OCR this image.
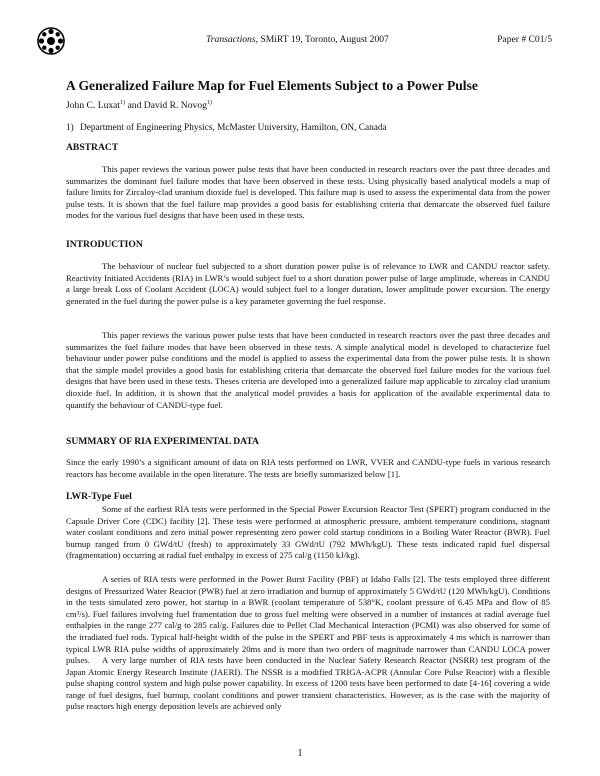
Transactions, SMiRT 19, Toronto, August 2007	Paper # C01/5
A Generalized Failure Map for Fuel Elements Subject to a Power Pulse
John C. Luxat$^{1)}$ and David R. Novog$^{1)}$
1) Department of Engineering Physics, McMaster University, Hamilton, ON, Canada
ABSTRACT

This paper reviews the various power pulse tests that have been conducted in research reactors over the past three decades and summarizes the dominant fuel failure modes that have been observed in these tests. Using physically based analytical models a map of failure limits for Zircaloy-clad uranium dioxide fuel is developed. This failure map is used to assess the experimental data from the power pulse tests. It is shown that the fuel failure map provides a good basis for establishing criteria that demarcate the observed fuel failure modes for the various fuel designs that have been used in these tests.

INTRODUCTION

The behaviour of nuclear fuel subjected to a short duration power pulse is of relevance to LWR and CANDU reactor safety. Reactivity Initiated Accidents (RIA) in LWR’s would subject fuel to a short duration power pulse of large amplitude, whereas in CANDU a large break Loss of Coolant Accident (LOCA) would subject fuel to a longer duration, lower amplitude power excursion. The energy generated in the fuel during the power pulse is a key parameter governing the fuel response.

This paper reviews the various power pulse tests that have been conducted in research reactors over the past three decades and summarizes the fuel failure modes that have been observed in these tests. A simple analytical model is developed to characterize fuel behaviour under power pulse conditions and the model is applied to assess the experimental data from the power pulse tests. It is shown that the simple model provides a good basis for establishing criteria that demarcate the observed fuel failure modes for the various fuel designs that have been used in these tests. Theses criteria are developed into a generalized failure map applicable to zircaloy clad uranium dioxide fuel. In addition, it is shown that the analytical model provides a basis for application of the available experimental data to quantify the behaviour of CANDU-type fuel.

SUMMARY OF RIA EXPERIMENTAL DATA

Since the early 1990’s a significant amount of data on RIA tests performed on LWR, VVER and CANDU-type fuels in various research reactors has become available in the open literature. The tests are briefly summarized below [1].

LWR-Type Fuel

Some of the earliest RIA tests were performed in the Special Power Excursion Reactor Test (SPERT) program conducted in the Capsule Driver Core (CDC) facility [2]. These tests were performed at atmospheric pressure, ambient temperature conditions, stagnant water coolant conditions and zero initial power representing zero power cold startup conditions in a Boiling Water Reactor (BWR). Fuel burnup ranged from 0 GWd/tU (fresh) to approximately 33 GWd/tU (792 MWh/kgU). These tests indicated rapid fuel dispersal (fragmentation) occurring at radial fuel enthalpy in excess of 275 cal/g (1150 kJ/kg).

A series of RIA tests were performed in the Power Burst Facility (PBF) at Idaho Falls [2]. The tests employed three different designs of Pressurized Water Reactor (PWR) fuel at zero irradiation and burnup of approximately 5 GWd/tU (120 MWh/kgU). Conditions in the tests simulated zero power, hot startup in a BWR (coolant temperature of 538°K, coolant pressure of 6.45 MPa and flow of 85 cm³/s). Fuel failures involving fuel framentation due to gross fuel melting were observed in a number of instances at radial average fuel enthalpies in the range 277 cal/g to 285 cal/g. Failures due to Pellet Clad Mechanical Interaction (PCMI) was also observed for some of the irradiated fuel rods. Typical half-height width of the pulse in the SPERT and PBF tests is approximately 4 ms which is narrower than typical LWR RIA pulse widths of approximately 20ms and is more than two orders of magnitude narrower than CANDU LOCA power pulses.	A very large number of RIA tests have been conducted in the Nuclear Safety Research Reactor (NSRR) test program of the Japan Atomic Energy Research Institute (JAERI). The NSSR is a modified TRIGA-ACPR (Annular Core Pulse Reactor) with a flexible pulse shaping control system and high pulse power capability. In excess of 1200 tests have been performed to date [4-16] covering a wide range of fuel designs, fuel burnup, coolant conditions and power transient characteristics. However, as is the case with the majority of pulse reactors high energy deposition levels are achieved only

1
